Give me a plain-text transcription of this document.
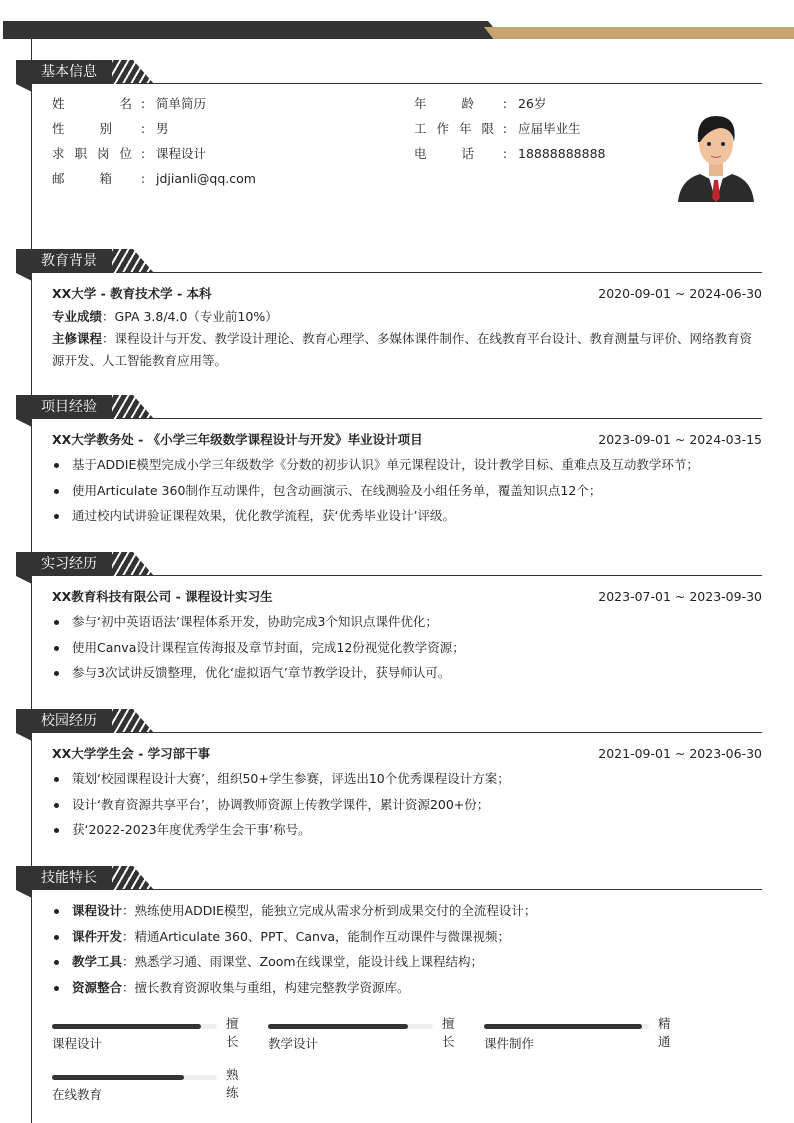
基本信息
姓	名 : 简单简历
性	别	: 男
求 职 岗 位 : 课程设计
邮	箱	: jdjianli@qq.com
年	龄	: 26岁
工 作 年 限 : 应届毕业生
电	话	: 18888888888
教育背景
XX大学 - 教育技术学 - 本科	2020-09-01 ~ 2024-06-30
专业成绩：GPA 3.8/4.0（专业前10%）
主修课程：课程设计与开发、教学设计理论、教育心理学、多媒体课件制作、在线教育平台设计、教育测量与评价、网络教育资源开发、人工智能教育应用等。
项目经验
XX大学教务处 - 《小学三年级数学课程设计与开发》毕业设计项目	2023-09-01 ~ 2024-03-15
基于ADDIE模型完成小学三年级数学《分数的初步认识》单元课程设计，设计教学目标、重难点及互动教学环节；
使用Articulate 360制作互动课件，包含动画演示、在线测验及小组任务单，覆盖知识点12个；
通过校内试讲验证课程效果，优化教学流程，获‘优秀毕业设计’评级。
实习经历
XX教育科技有限公司 - 课程设计实习生	2023-07-01 ~ 2023-09-30
参与‘初中英语语法’课程体系开发，协助完成3个知识点课件优化；
使用Canva设计课程宣传海报及章节封面，完成12份视觉化教学资源；
参与3次试讲反馈整理，优化‘虚拟语气’章节教学设计，获导师认可。
校园经历
XX大学学生会 - 学习部干事	2021-09-01 ~ 2023-06-30
策划‘校园课程设计大赛’，组织50+学生参赛，评选出10个优秀课程设计方案；
设计‘教育资源共享平台’，协调教师资源上传教学课件，累计资源200+份；
获‘2022-2023年度优秀学生会干事’称号。
技能特长
课程设计：熟练使用ADDIE模型，能独立完成从需求分析到成果交付的全流程设计；
课件开发：精通Articulate 360、PPT、Canva，能制作互动课件与微课视频；
教学工具：熟悉学习通、雨课堂、Zoom在线课堂，能设计线上课程结构；
资源整合：擅长教育资源收集与重组，构建完整教学资源库。
擅长
课程设计
擅长
教学设计
精通
课件制作
熟练
在线教育
